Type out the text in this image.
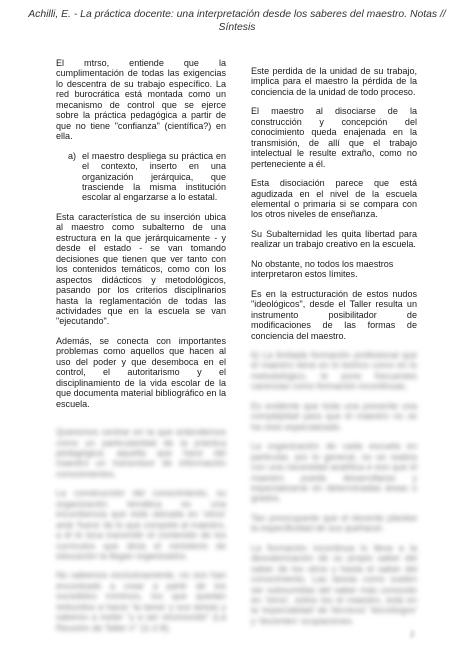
Achilli, E. - La práctica docente: una interpretación desde los saberes del maestro. Notas //
Síntesis

El mtrso, entiende que la cumplimentación de todas las exigencias lo descentra de su trabajo específico. La red burocrática está montada como un mecanismo de control que se ejerce sobre la práctica pedagógica a partir de que no tiene "confianza" (científica?) en ella.

a) el maestro despliega su práctica en el contexto, inserto en una organización jerárquica, que trasciende la misma institución escolar al engarzarse a lo estatal.

Esta característica de su inserción ubica al maestro como subalterno de una estructura en la que jerárquicamente - y desde el estado - se van tomando decisiones que tienen que ver tanto con los contenidos temáticos, como con los aspectos didácticos y metodológicos, pasando por los criterios disciplinarios hasta la reglamentación de todas las actividades que en la escuela se van "ejecutando".

Además, se conecta con importantes problemas como aquellos que hacen al uso del poder y que desemboca en el control, el autoritarismo y el disciplinamiento de la vida escolar de la que documenta material bibliográfico en la escuela.

Queremos centrar en la que entendemos como un particularidad de la práctica pedagógica: aquella que hace del maestro un transmisor de información conocimientos.

La construcción del conocimiento, su organización temática es una incumbencia que está ubicada en 'otros' ante 'fuera' de lo que compete al maestro, a él le toca transmitir el contenido de los currículos que dicta el ministerio de educación la llegan organizados.

No sabemos exclusivamente, no son han encontrado a crear a partir de los sucedidos mínimos, los que quedan reducidos a hacer 'la tarea' y sus tareas y saberes a meter "y a ser reconocido" (La Reunión de Taller n° 11-2-8).

Este perdida de la unidad de su trabajo, implica para el maestro la pérdida de la conciencia de la unidad de todo proceso.

El maestro al disociarse de la construcción y concepción del conocimiento queda enajenada en la transmisión, de allí que el trabajo intelectual le resulte extraño, como no perteneciente a él.

Esta disociación parece que está agudizada en el nivel de la escuela elemental o primaria si se compara con los otros niveles de enseñanza.

Su Subalternidad les quita libertad para realizar un trabajo creativo en la escuela.

No obstante, no todos los maestros interpretaron estos límites.

Es en la estructuración de estos nudos "ideológicos", desde el Taller resulta un instrumento posibilitador de modificaciones de las formas de conciencia del maestro.

b) La limitada formación profesional que el maestro tiene en lo teórico como en lo metodológico, le pone frecuentes carencias como formación incontinuas.

Es evidente que toda una presente una complejidad para que el maestro no se ha visto especializado.

La organización de cada escuela en particular, por lo general, no se realiza con una necesidad analítica e eso que el maestro pueda desarrollarse y especializarse en determinadas áreas o grados.

Tan preocupante que el docente plantee la especificidad de sus quehacer.

La formación incontinua lo lleva a la desvalorización de su propio saber del saber de los otros y hasta el saber del conocimiento. Las tareas como suelen ser subsumidas del saber más conocido en 'otros', sobre los el maestro, está en la 'especialidad' de 'técnicos' 'tecnólogos' y 'docentes' ocupaciones.

2
